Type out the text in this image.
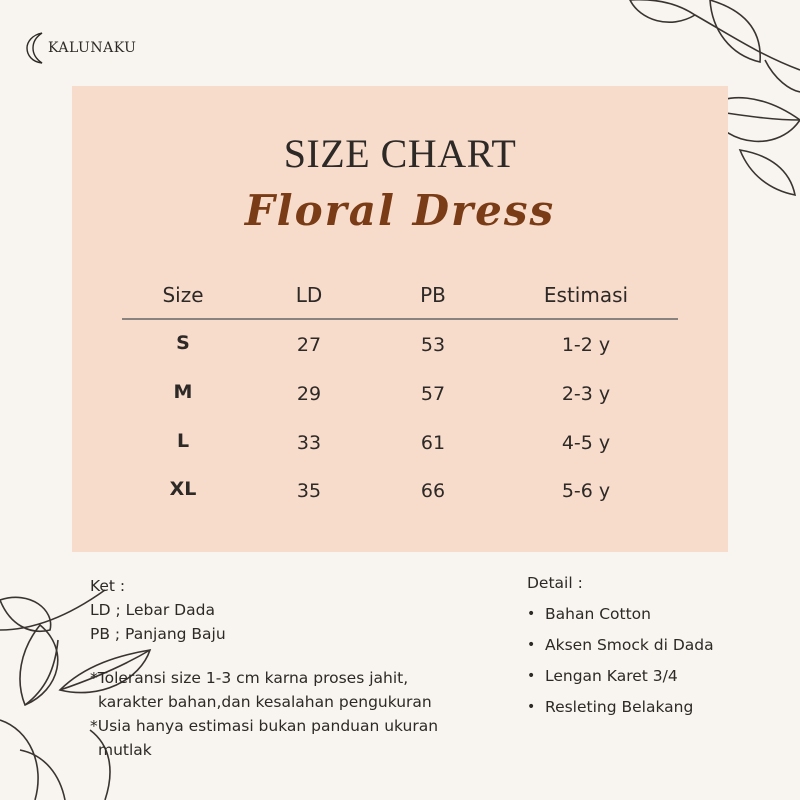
KALUNAKU
SIZE CHART
Floral Dress
Size	LD	PB	Estimasi
S	27	53	1-2 y
M	29	57	2-3 y
L	33	61	4-5 y
XL	35	66	5-6 y
Ket :
LD ; Lebar Dada
PB ; Panjang Baju
*Toleransi size 1-3 cm karna proses jahit,
karakter bahan,dan kesalahan pengukuran
*Usia hanya estimasi bukan panduan ukuran
mutlak
Detail :
• Bahan Cotton
• Aksen Smock di Dada
• Lengan Karet 3/4
• Resleting Belakang
